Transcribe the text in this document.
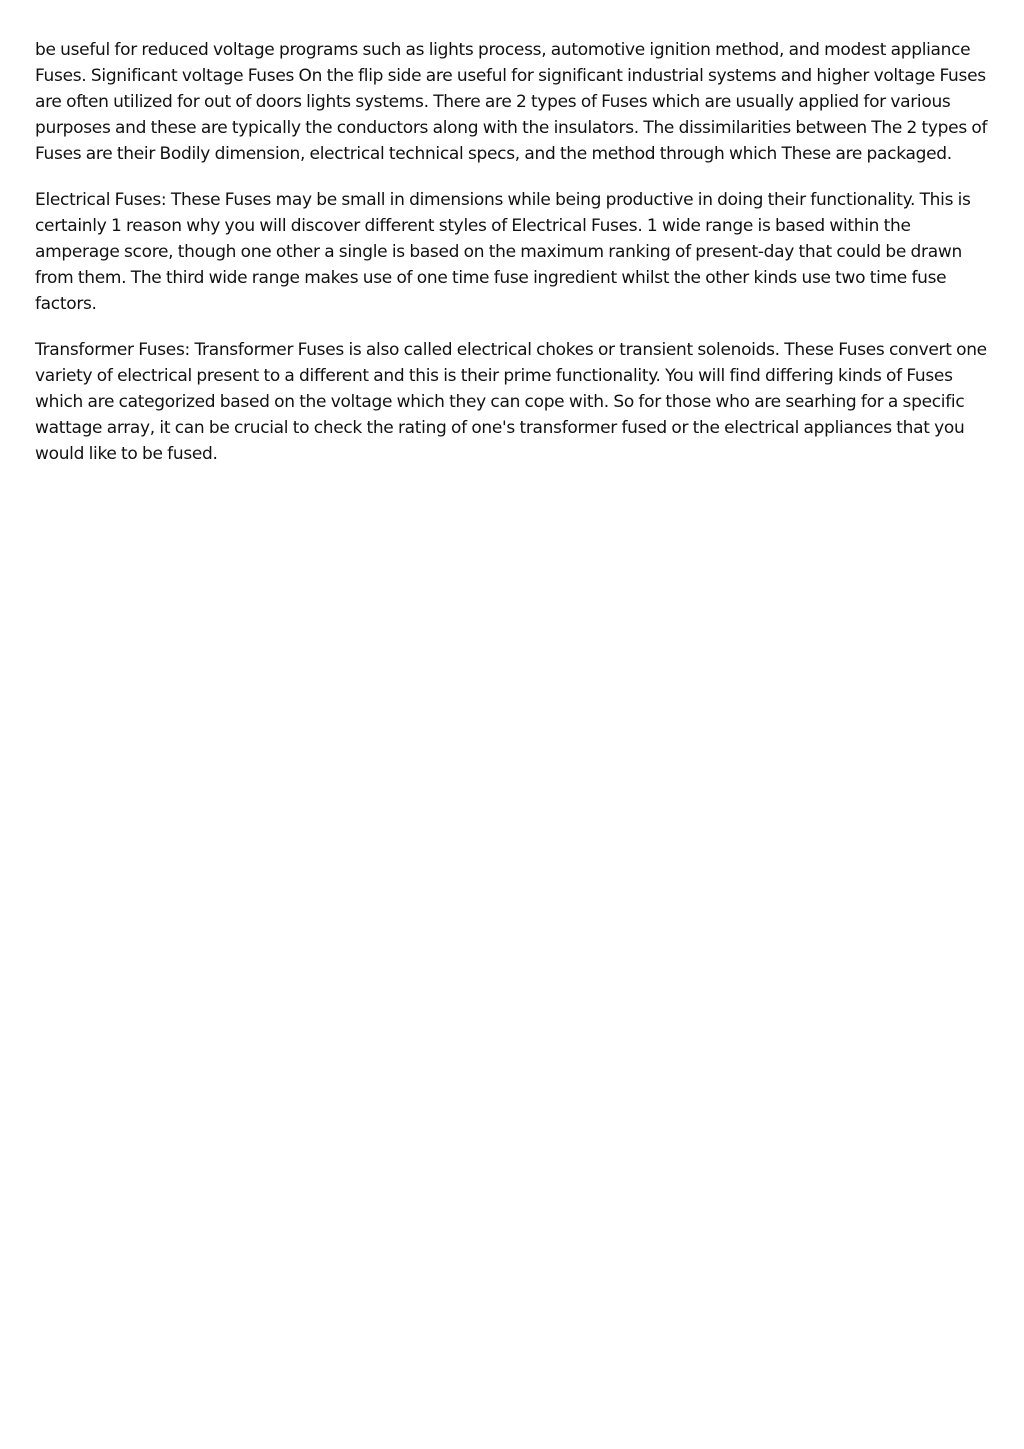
be useful for reduced voltage programs such as lights process, automotive ignition method, and modest appliance Fuses. Significant voltage Fuses On the flip side are useful for significant industrial systems and higher voltage Fuses are often utilized for out of doors lights systems. There are 2 types of Fuses which are usually applied for various purposes and these are typically the conductors along with the insulators. The dissimilarities between The 2 types of Fuses are their Bodily dimension, electrical technical specs, and the method through which These are packaged.

Electrical Fuses: These Fuses may be small in dimensions while being productive in doing their functionality. This is certainly 1 reason why you will discover different styles of Electrical Fuses. 1 wide range is based within the amperage score, though one other a single is based on the maximum ranking of present-day that could be drawn from them. The third wide range makes use of one time fuse ingredient whilst the other kinds use two time fuse factors.

Transformer Fuses: Transformer Fuses is also called electrical chokes or transient solenoids. These Fuses convert one variety of electrical present to a different and this is their prime functionality. You will find differing kinds of Fuses which are categorized based on the voltage which they can cope with. So for those who are searhing for a specific wattage array, it can be crucial to check the rating of one's transformer fused or the electrical appliances that you would like to be fused.
